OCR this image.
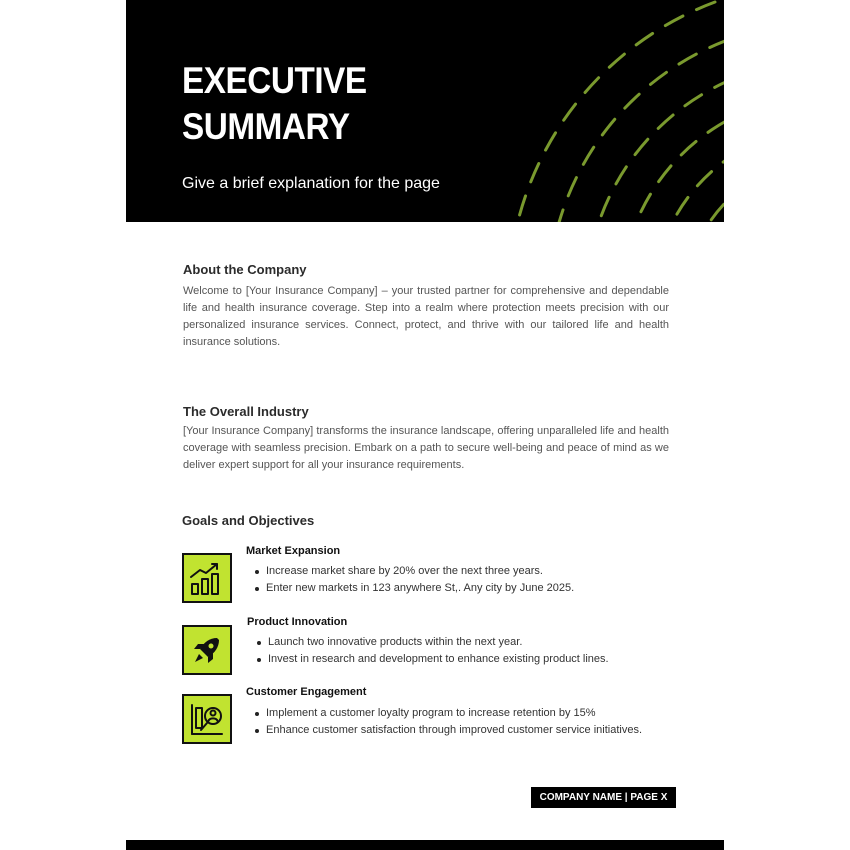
EXECUTIVE
SUMMARY

Give a brief explanation for the page

About the Company

Welcome to [Your Insurance Company] – your trusted partner for comprehensive and dependable life and health insurance coverage. Step into a realm where protection meets precision with our personalized insurance services. Connect, protect, and thrive with our tailored life and health insurance solutions.

The Overall Industry

[Your Insurance Company] transforms the insurance landscape, offering unparalleled life and health coverage with seamless precision. Embark on a path to secure well-being and peace of mind as we deliver expert support for all your insurance requirements.

Goals and Objectives

Market Expansion

Increase market share by 20% over the next three years.
Enter new markets in 123 anywhere St,. Any city by June 2025.

Product Innovation

Launch two innovative products within the next year.
Invest in research and development to enhance existing product lines.

Customer Engagement

Implement a customer loyalty program to increase retention by 15%
Enhance customer satisfaction through improved customer service initiatives.

COMPANY NAME | PAGE X
